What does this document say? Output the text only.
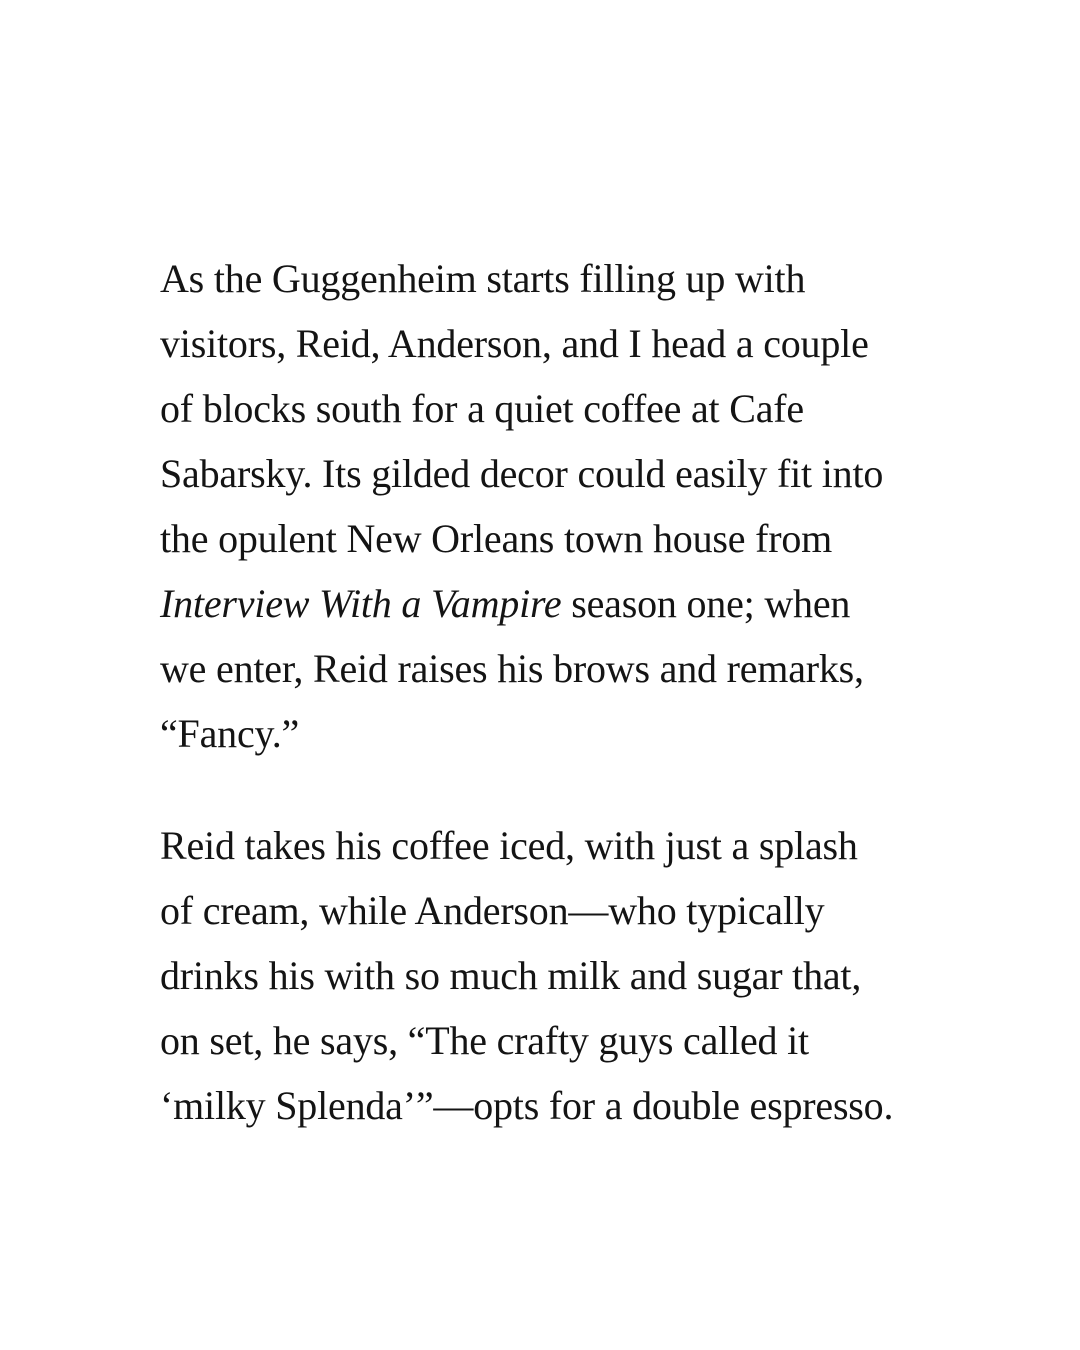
As the Guggenheim starts filling up with
visitors, Reid, Anderson, and I head a couple
of blocks south for a quiet coffee at Cafe
Sabarsky. Its gilded decor could easily fit into
the opulent New Orleans town house from
Interview With a Vampire season one; when
we enter, Reid raises his brows and remarks,
“Fancy.”

Reid takes his coffee iced, with just a splash
of cream, while Anderson—who typically
drinks his with so much milk and sugar that,
on set, he says, “The crafty guys called it
‘milky Splenda’”—opts for a double espresso.
